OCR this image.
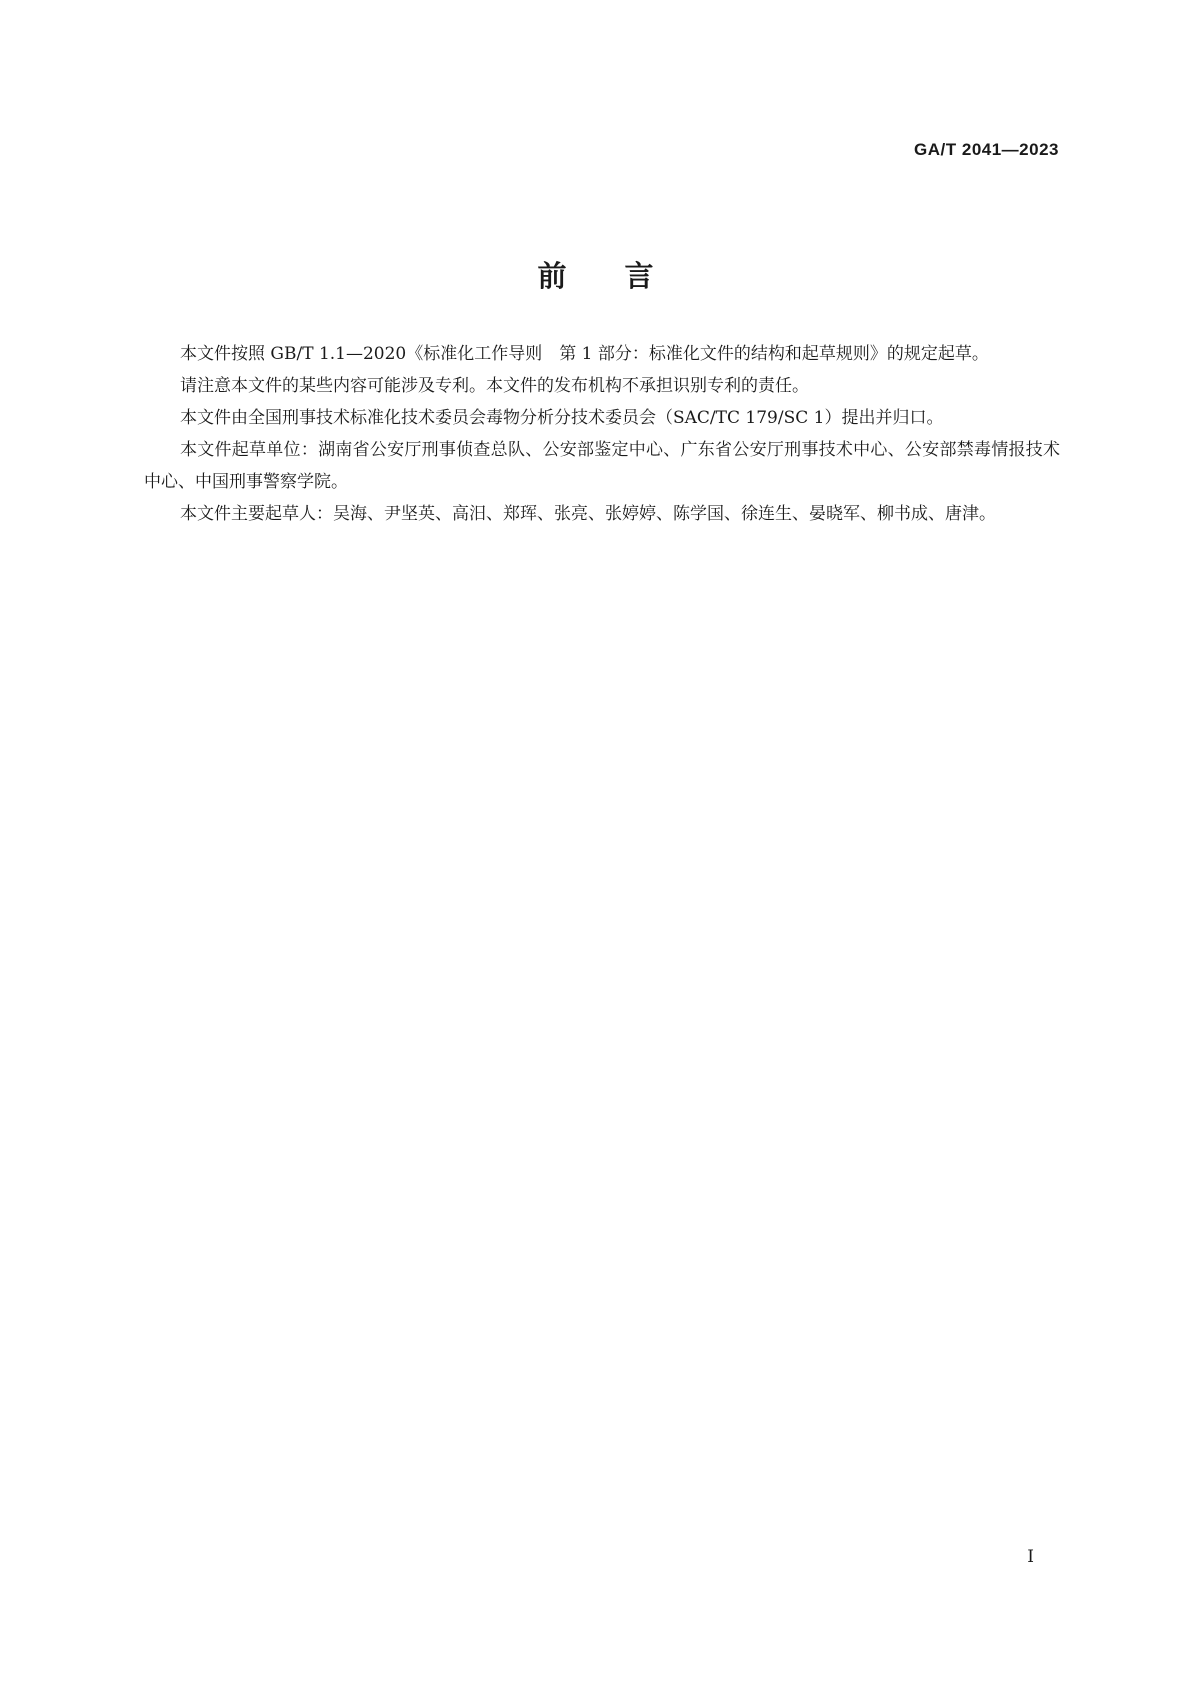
GA/T 2041—2023
前言

本文件按照 GB/T 1.1—2020《标准化工作导则　第 1 部分：标准化文件的结构和起草规则》的规定起草。

请注意本文件的某些内容可能涉及专利。本文件的发布机构不承担识别专利的责任。

本文件由全国刑事技术标准化技术委员会毒物分析分技术委员会（SAC/TC 179/SC 1）提出并归口。

本文件起草单位：湖南省公安厅刑事侦查总队、公安部鉴定中心、广东省公安厅刑事技术中心、公安部禁毒情报技术中心、中国刑事警察学院。

本文件主要起草人：吴海、尹坚英、高汨、郑珲、张亮、张婷婷、陈学国、徐连生、晏晓军、柳书成、唐津。

I
